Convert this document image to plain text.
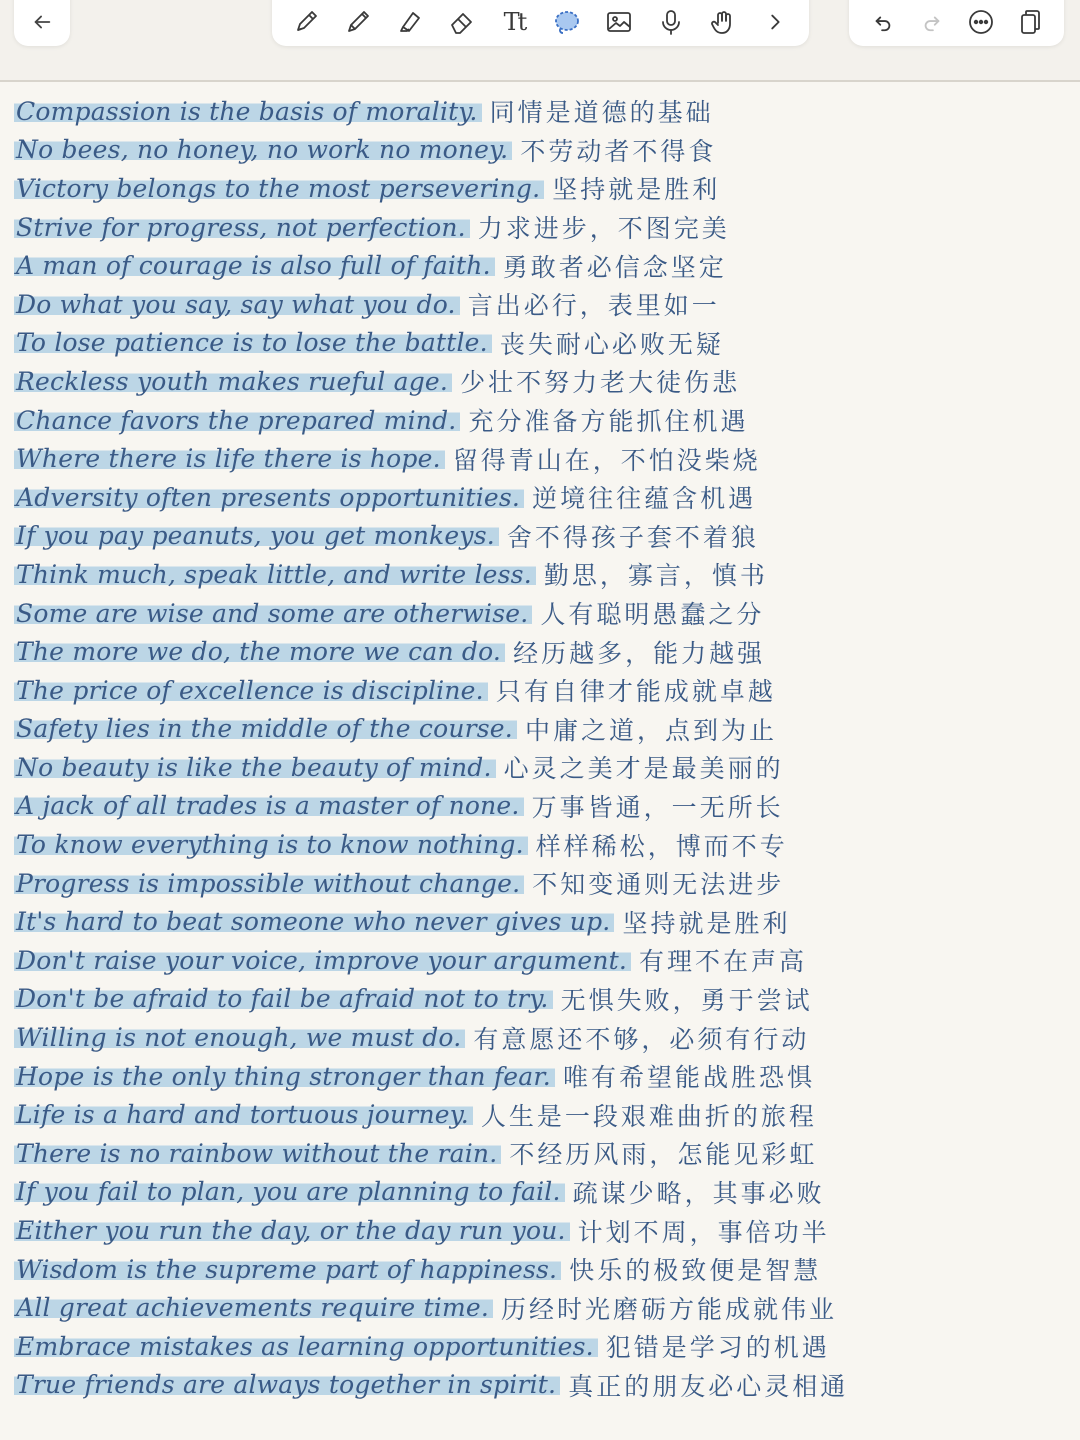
Tt
Compassion is the basis of morality. 同情是道德的基础
No bees, no honey, no work no money. 不劳动者不得食
Victory belongs to the most persevering. 坚持就是胜利
Strive for progress, not perfection. 力求进步，不图完美
A man of courage is also full of faith. 勇敢者必信念坚定
Do what you say, say what you do. 言出必行，表里如一
To lose patience is to lose the battle. 丧失耐心必败无疑
Reckless youth makes rueful age. 少壮不努力老大徒伤悲
Chance favors the prepared mind. 充分准备方能抓住机遇
Where there is life there is hope. 留得青山在，不怕没柴烧
Adversity often presents opportunities. 逆境往往蕴含机遇
If you pay peanuts, you get monkeys. 舍不得孩子套不着狼
Think much, speak little, and write less. 勤思，寡言，慎书
Some are wise and some are otherwise. 人有聪明愚蠢之分
The more we do, the more we can do. 经历越多，能力越强
The price of excellence is discipline. 只有自律才能成就卓越
Safety lies in the middle of the course. 中庸之道，点到为止
No beauty is like the beauty of mind. 心灵之美才是最美丽的
A jack of all trades is a master of none. 万事皆通，一无所长
To know everything is to know nothing. 样样稀松，博而不专
Progress is impossible without change. 不知变通则无法进步
It's hard to beat someone who never gives up. 坚持就是胜利
Don't raise your voice, improve your argument. 有理不在声高
Don't be afraid to fail be afraid not to try. 无惧失败，勇于尝试
Willing is not enough, we must do. 有意愿还不够，必须有行动
Hope is the only thing stronger than fear. 唯有希望能战胜恐惧
Life is a hard and tortuous journey. 人生是一段艰难曲折的旅程
There is no rainbow without the rain. 不经历风雨，怎能见彩虹
If you fail to plan, you are planning to fail. 疏谋少略，其事必败
Either you run the day, or the day run you. 计划不周，事倍功半
Wisdom is the supreme part of happiness. 快乐的极致便是智慧
All great achievements require time. 历经时光磨砺方能成就伟业
Embrace mistakes as learning opportunities. 犯错是学习的机遇
True friends are always together in spirit. 真正的朋友必心灵相通
